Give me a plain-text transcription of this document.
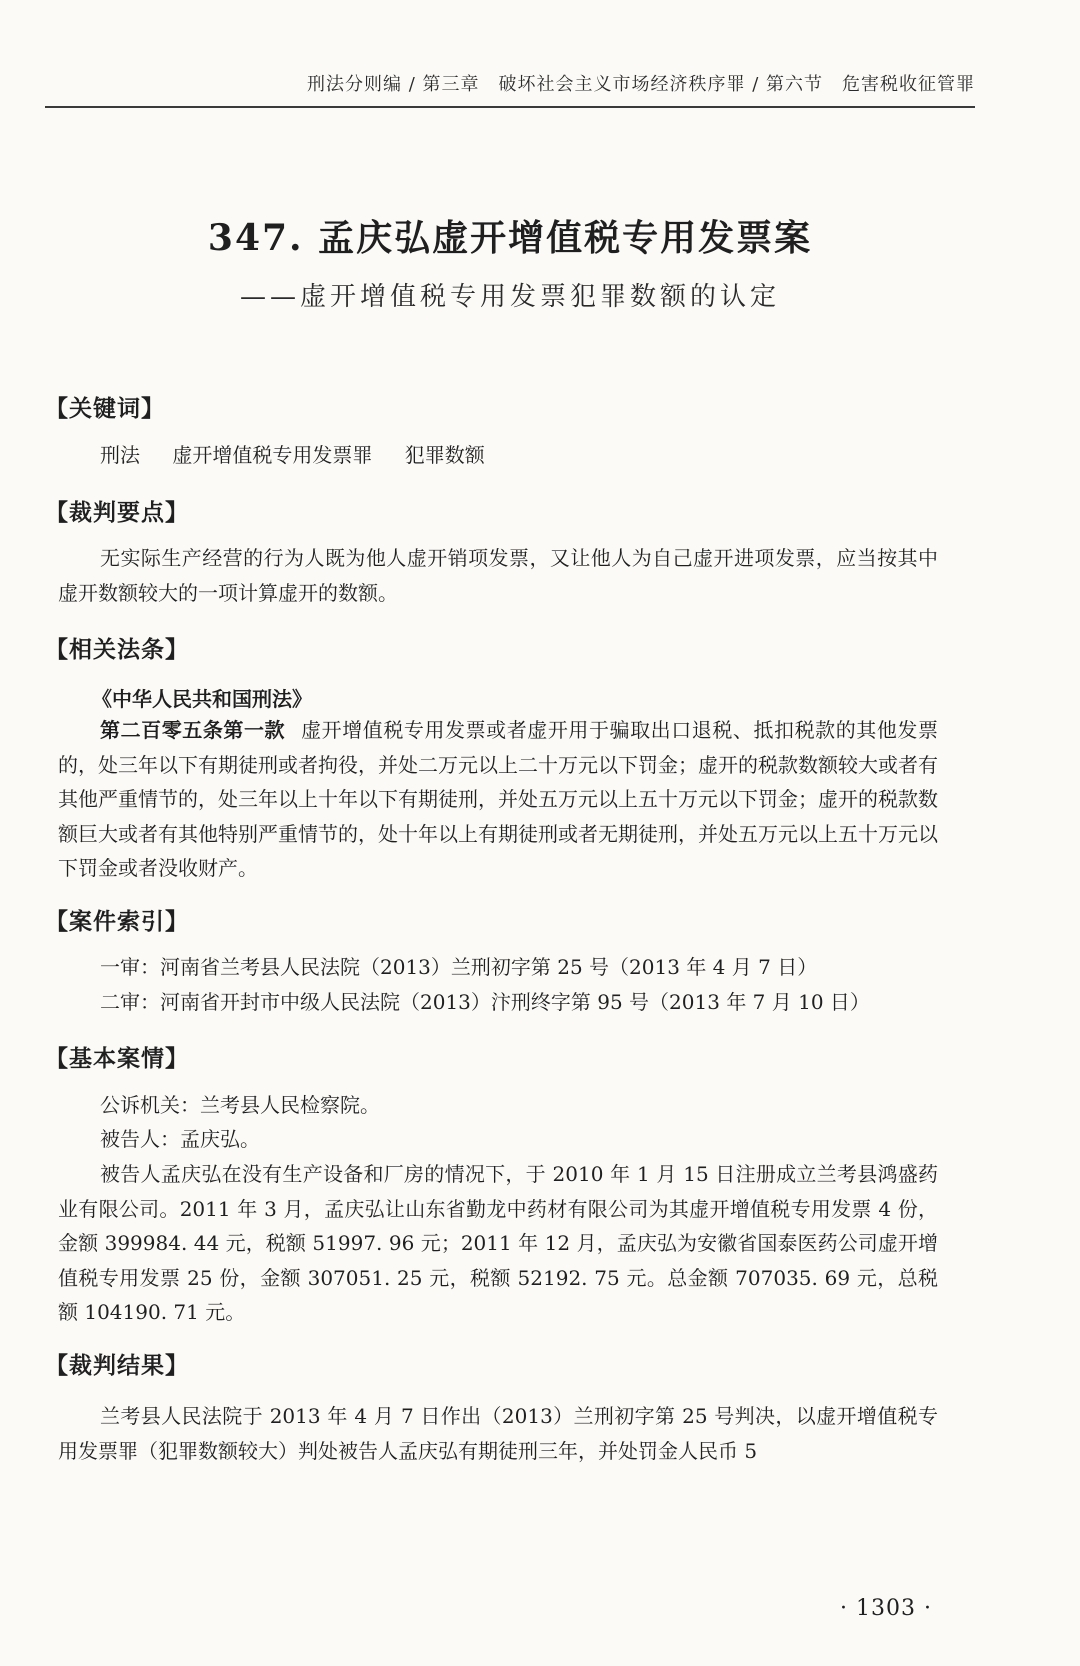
刑法分则编 / 第三章　破坏社会主义市场经济秩序罪 / 第六节　危害税收征管罪
347. 孟庆弘虚开增值税专用发票案
——虚开增值税专用发票犯罪数额的认定
【关键词】
刑法 虚开增值税专用发票罪 犯罪数额
【裁判要点】
无实际生产经营的行为人既为他人虚开销项发票，又让他人为自己虚开进项发票，应当按其中虚开数额较大的一项计算虚开的数额。
【相关法条】
《中华人民共和国刑法》
第二百零五条第一款 虚开增值税专用发票或者虚开用于骗取出口退税、抵扣税款的其他发票的，处三年以下有期徒刑或者拘役，并处二万元以上二十万元以下罚金；虚开的税款数额较大或者有其他严重情节的，处三年以上十年以下有期徒刑，并处五万元以上五十万元以下罚金；虚开的税款数额巨大或者有其他特别严重情节的，处十年以上有期徒刑或者无期徒刑，并处五万元以上五十万元以下罚金或者没收财产。
【案件索引】
一审：河南省兰考县人民法院（2013）兰刑初字第 25 号（2013 年 4 月 7 日）
二审：河南省开封市中级人民法院（2013）汴刑终字第 95 号（2013 年 7 月 10 日）
【基本案情】
公诉机关：兰考县人民检察院。
被告人：孟庆弘。
被告人孟庆弘在没有生产设备和厂房的情况下，于 2010 年 1 月 15 日注册成立兰考县鸿盛药业有限公司。2011 年 3 月，孟庆弘让山东省勤龙中药材有限公司为其虚开增值税专用发票 4 份，金额 399984. 44 元，税额 51997. 96 元；2011 年 12 月，孟庆弘为安徽省国泰医药公司虚开增值税专用发票 25 份，金额 307051. 25 元，税额 52192. 75 元。总金额 707035. 69 元，总税额 104190. 71 元。
【裁判结果】
兰考县人民法院于 2013 年 4 月 7 日作出（2013）兰刑初字第 25 号判决，以虚开增值税专用发票罪（犯罪数额较大）判处被告人孟庆弘有期徒刑三年，并处罚金人民币 5
· 1303 ·
